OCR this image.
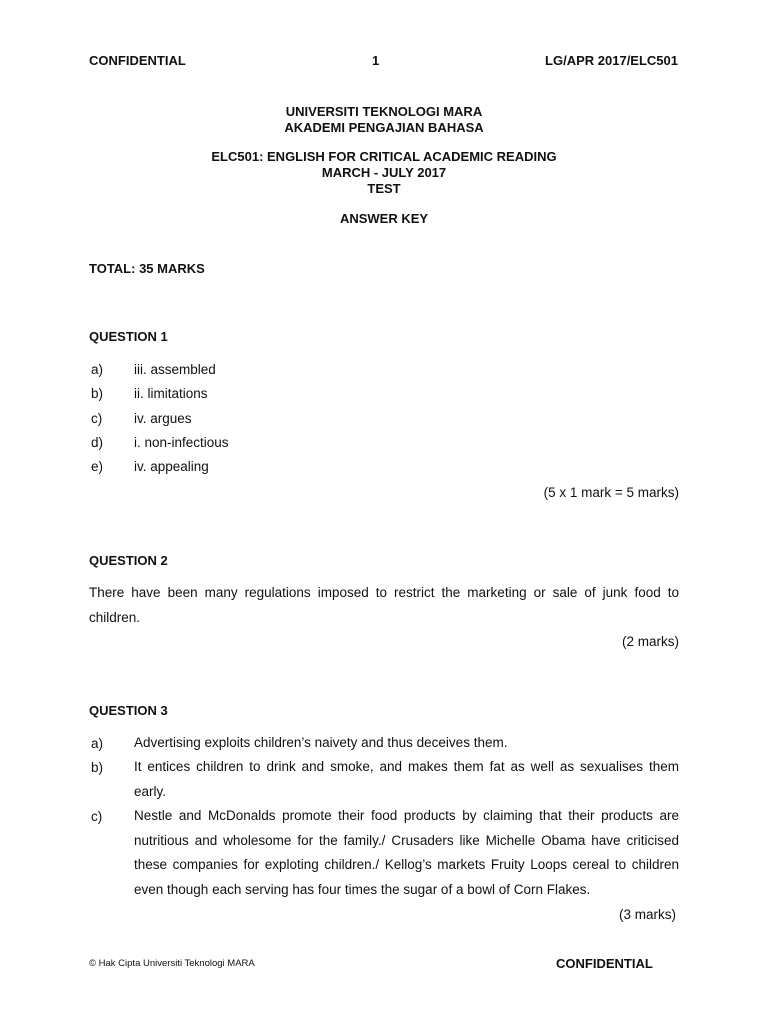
CONFIDENTIAL	1	LG/APR 2017/ELC501
UNIVERSITI TEKNOLOGI MARA
AKADEMI PENGAJIAN BAHASA
ELC501: ENGLISH FOR CRITICAL ACADEMIC READING
MARCH - JULY 2017
TEST
ANSWER KEY
TOTAL: 35 MARKS
QUESTION 1
a)	iii. assembled
b)	ii. limitations
c)	iv. argues
d)	i. non-infectious
e)	iv. appealing
(5 x 1 mark = 5 marks)
QUESTION 2
There have been many regulations imposed to restrict the marketing or sale of junk food to children.
(2 marks)
QUESTION 3
a)	Advertising exploits children’s naivety and thus deceives them.
b)	It entices children to drink and smoke, and makes them fat as well as sexualises them early.
c)	Nestle and McDonalds promote their food products by claiming that their products are nutritious and wholesome for the family./ Crusaders like Michelle Obama have criticised these companies for exploting children./ Kellog’s markets Fruity Loops cereal to children even though each serving has four times the sugar of a bowl of Corn Flakes.
(3 marks)
© Hak Cipta Universiti Teknologi MARA	CONFIDENTIAL
